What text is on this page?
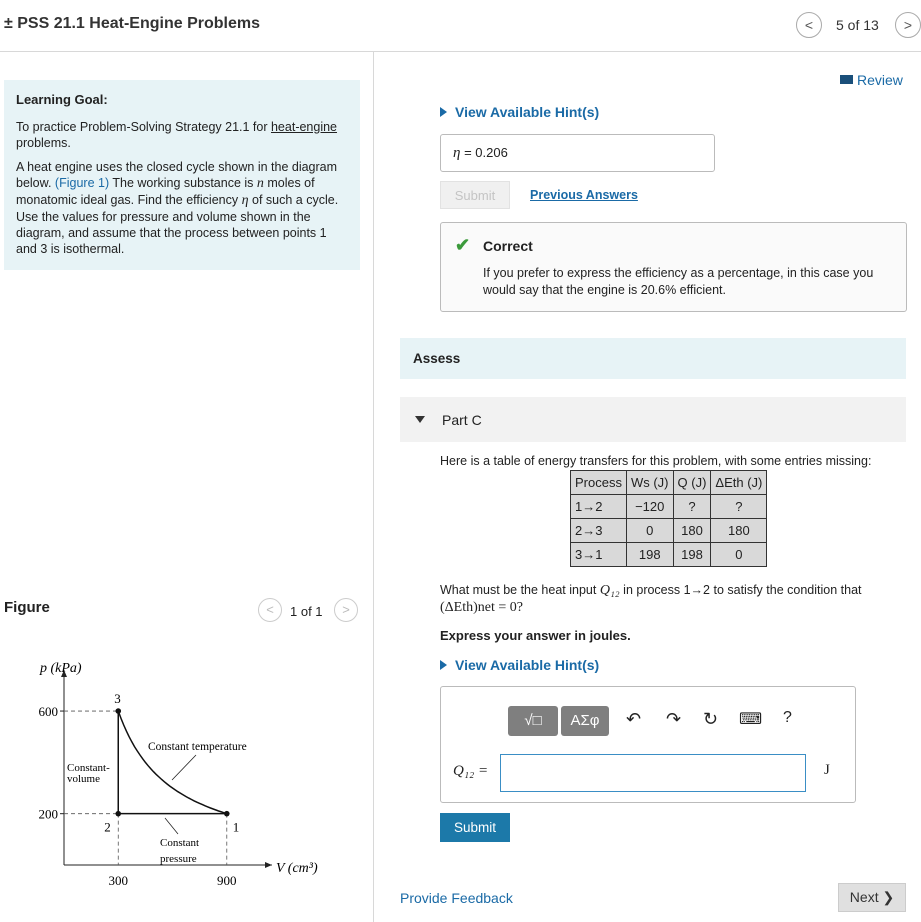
± PSS 21.1 Heat-Engine Problems	<	5 of 13	>
Learning Goal:

To practice Problem-Solving Strategy 21.1 for heat-engine problems.

A heat engine uses the closed cycle shown in the diagram below. (Figure 1) The working substance is n moles of monatomic ideal gas. Find the efficiency η of such a cycle. Use the values for pressure and volume shown in the diagram, and assume that the process between points 1 and 3 is isothermal.

Figure	<	1 of 1	>
p (kPa)
V (cm³)
600
200
300	900
3
2	1
Constant temperature
Constant-
volume
Constant
pressure
Review
View Available Hint(s)
η = 0.206
Submit	Previous Answers
✔ Correct
If you prefer to express the efficiency as a percentage, in this case you would say that the engine is 20.6% efficient.
Assess
Part C
Here is a table of energy transfers for this problem, with some entries missing:
Process	Ws (J)	Q (J)	ΔEth (J)
1→2	−120	?	?
2→3	0	180	180
3→1	198	198	0
What must be the heat input Q₁₂ in process 1→2 to satisfy the condition that
(ΔEth)net = 0?
Express your answer in joules.
View Available Hint(s)
√□	ΑΣφ	↶ ↷ ↻ ⌨ ?
Q₁₂ =	J
Submit
Provide Feedback	Next ❯
